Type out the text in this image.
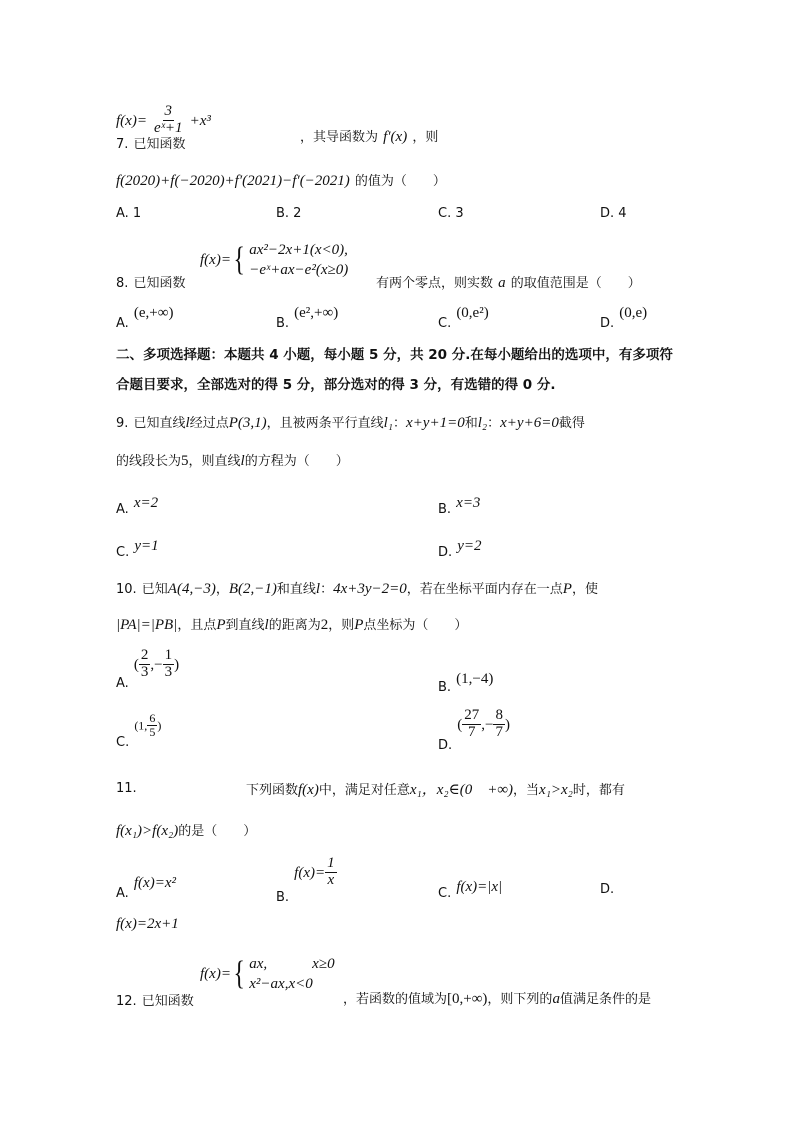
$f(x)= \frac{3}{\text{eˣ+1}} +x^3$
7. 已知函数	，其导函数为 f′(x) ，则
f(2020)+f(−2020)+f′(2021)−f′(−2021) 的值为（　　）
A. 1	B. 2	C. 3	D. 4
8. 已知函数
f(x)= { ax²−2x+1(x<0),
−eˣ+ax−e²(x≥0)
有两个零点，则实数 a 的取值范围是（　　）
$_{A.}$ (e,+∞)
$_{B.}$ (e²,+∞)
$_{C.}$ (0,e²)
$_{D.}$ (0,e)
二、多项选择题：本题共 4 小题，每小题 5 分，共 20 分.在每小题给出的选项中，有多项符
合题目要求，全部选对的得 5 分，部分选对的得 3 分，有选错的得 0 分.
9. 已知直线l经过点P(3,1)，且被两条平行直线l₁：x+y+1=0和l₂：x+y+6=0截得
的线段长为5，则直线l的方程为（　　）
$_{A.}$ x=2	$_{B.}$ x=3
$_{C.}$ y=1	$_{D.}$ y=2
10. 已知A(4,−3)，B(2,−1)和直线l：4x+3y−2=0，若在坐标平面内存在一点P，使
|PA|=|PB|，且点P到直线l的距离为2，则P点坐标为（　　）
$_{A.}$ ( $\frac{2}{3}$ ,− $\frac{1}{3}$ )
$_{B.}$ (1,−4)
$_{C.}$ (1, $\frac{6}{5}$ )
$_{D.}$ ( $\frac{27}{7}$ ,− $\frac{8}{7}$ )
11.	下列函数f(x)中，满足对任意x₁，x₂∈(0　+∞)，当x₁>x₂时，都有
f(x₁)>f(x₂)的是（　　）
$_{A.}$ f(x)=x²
$_{B.}$ $f(x)= \frac{1}{x}$
$_{C.}$ f(x)=|x|	D.
f(x)=2x+1
12. 已知函数
f(x)= { ax,　　　x≥0
x²−ax,x<0
，若函数的值域为[0,+∞)，则下列的a值满足条件的是
